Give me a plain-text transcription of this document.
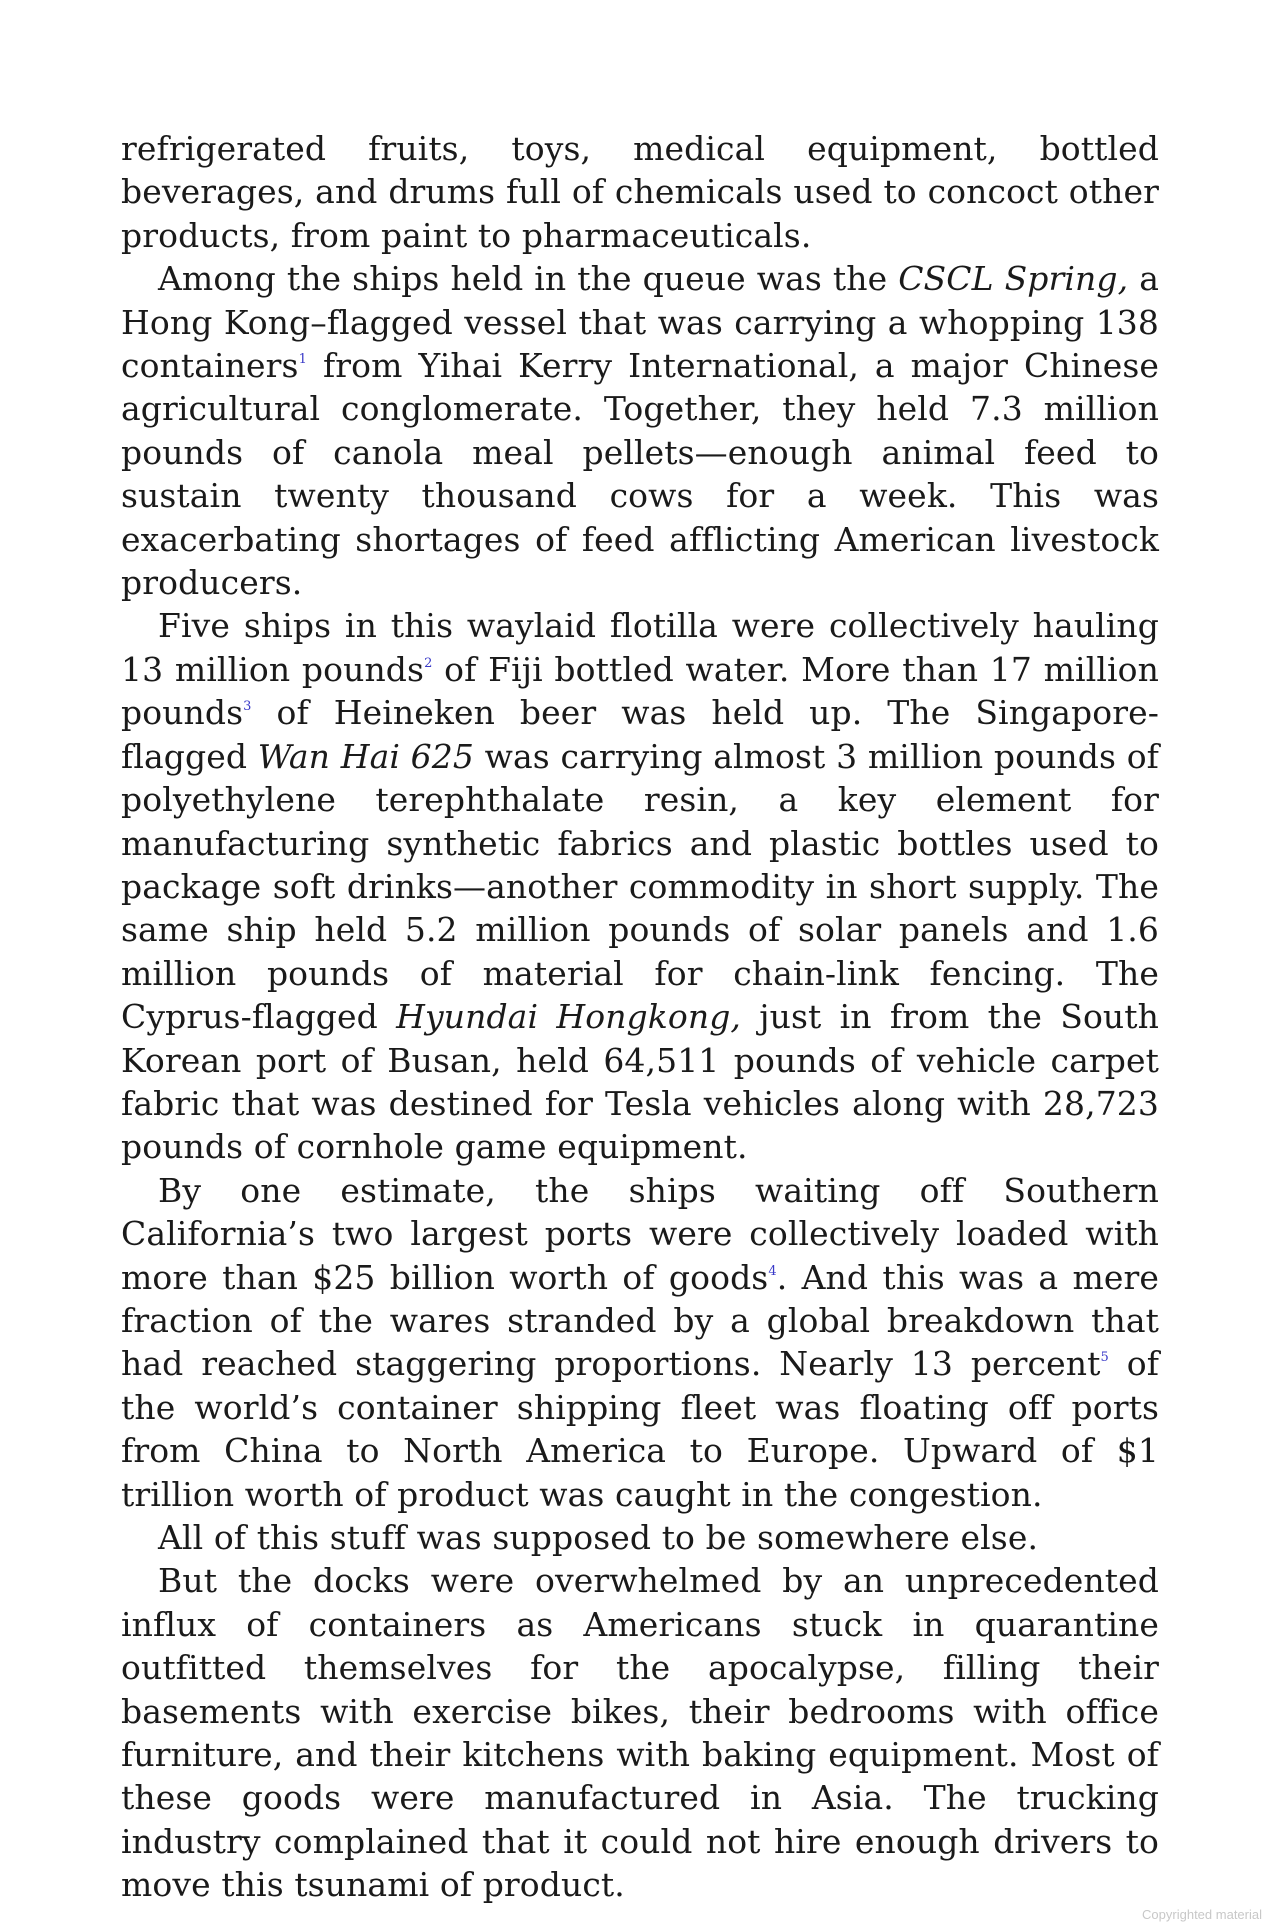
refrigerated fruits, toys, medical equipment, bottled beverages, and drums full of chemicals used to concoct other products, from paint to pharmaceuticals.

Among the ships held in the queue was the CSCL Spring, a Hong Kong–flagged vessel that was carrying a whopping 138 containers$^1$ from Yihai Kerry International, a major Chinese agricultural conglomerate. Together, they held 7.3 million pounds of canola meal pellets—enough animal feed to sustain twenty thousand cows for a week. This was exacerbating shortages of feed afflicting American livestock producers.

Five ships in this waylaid flotilla were collectively hauling 13 million pounds$^2$ of Fiji bottled water. More than 17 million pounds$^3$ of Heineken beer was held up. The Singapore-flagged Wan Hai 625 was carrying almost 3 million pounds of polyethylene terephthalate resin, a key element for manufacturing synthetic fabrics and plastic bottles used to package soft drinks—another commodity in short supply. The same ship held 5.2 million pounds of solar panels and 1.6 million pounds of material for chain-link fencing. The Cyprus-flagged Hyundai Hongkong, just in from the South Korean port of Busan, held 64,511 pounds of vehicle carpet fabric that was destined for Tesla vehicles along with 28,723 pounds of cornhole game equipment.

By one estimate, the ships waiting off Southern California’s two largest ports were collectively loaded with more than $25 billion worth of goods$^4$. And this was a mere fraction of the wares stranded by a global breakdown that had reached staggering proportions. Nearly 13 percent$^5$ of the world’s container shipping fleet was floating off ports from China to North America to Europe. Upward of $1 trillion worth of product was caught in the congestion.

All of this stuff was supposed to be somewhere else.

But the docks were overwhelmed by an unprecedented influx of containers as Americans stuck in quarantine outfitted themselves for the apocalypse, filling their basements with exercise bikes, their bedrooms with office furniture, and their kitchens with baking equipment. Most of these goods were manufactured in Asia. The trucking industry complained that it could not hire enough drivers to move this tsunami of product.

Copyrighted material
